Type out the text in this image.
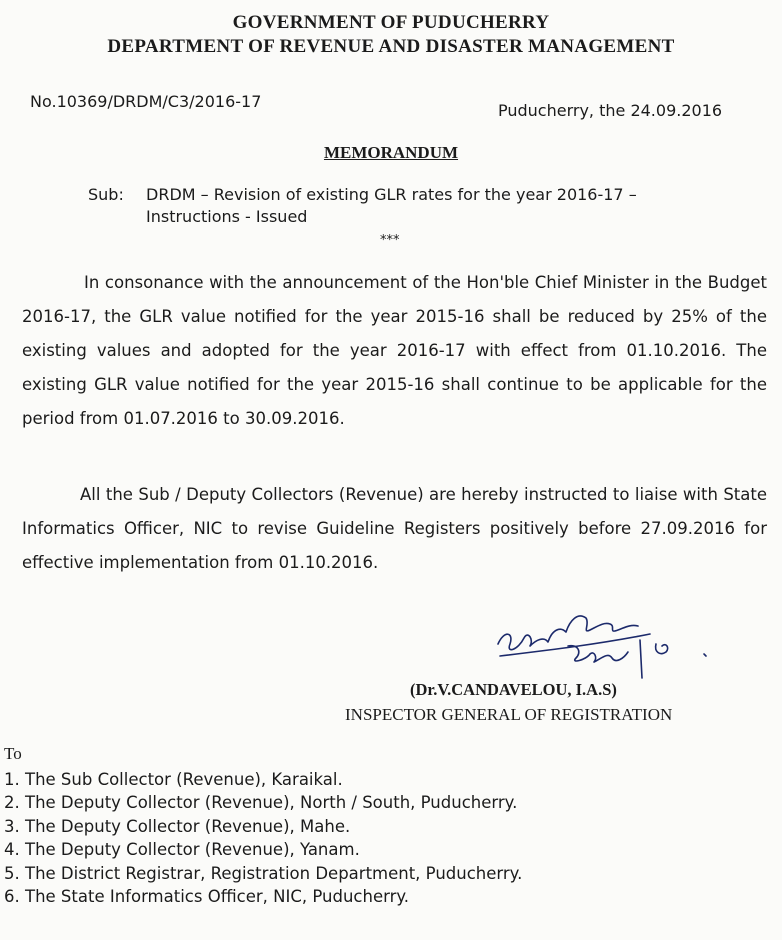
GOVERNMENT OF PUDUCHERRY
DEPARTMENT OF REVENUE AND DISASTER MANAGEMENT
No.10369/DRDM/C3/2016-17	Puducherry, the 24.09.2016
MEMORANDUM
Sub: DRDM – Revision of existing GLR rates for the year 2016-17 –
Instructions - Issued
***
In consonance with the announcement of the Hon'ble Chief Minister in the Budget 2016-17, the GLR value notified for the year 2015-16 shall be reduced by 25% of the existing values and adopted for the year 2016-17 with effect from 01.10.2016. The existing GLR value notified for the year 2015-16 shall continue to be applicable for the period from 01.07.2016 to 30.09.2016.
All the Sub / Deputy Collectors (Revenue) are hereby instructed to liaise with State Informatics Officer, NIC to revise Guideline Registers positively before 27.09.2016 for effective implementation from 01.10.2016.
(Dr.V.CANDAVELOU, I.A.S)
INSPECTOR GENERAL OF REGISTRATION
To
1. The Sub Collector (Revenue), Karaikal.
2. The Deputy Collector (Revenue), North / South, Puducherry.
3. The Deputy Collector (Revenue), Mahe.
4. The Deputy Collector (Revenue), Yanam.
5. The District Registrar, Registration Department, Puducherry.
6. The State Informatics Officer, NIC, Puducherry.
